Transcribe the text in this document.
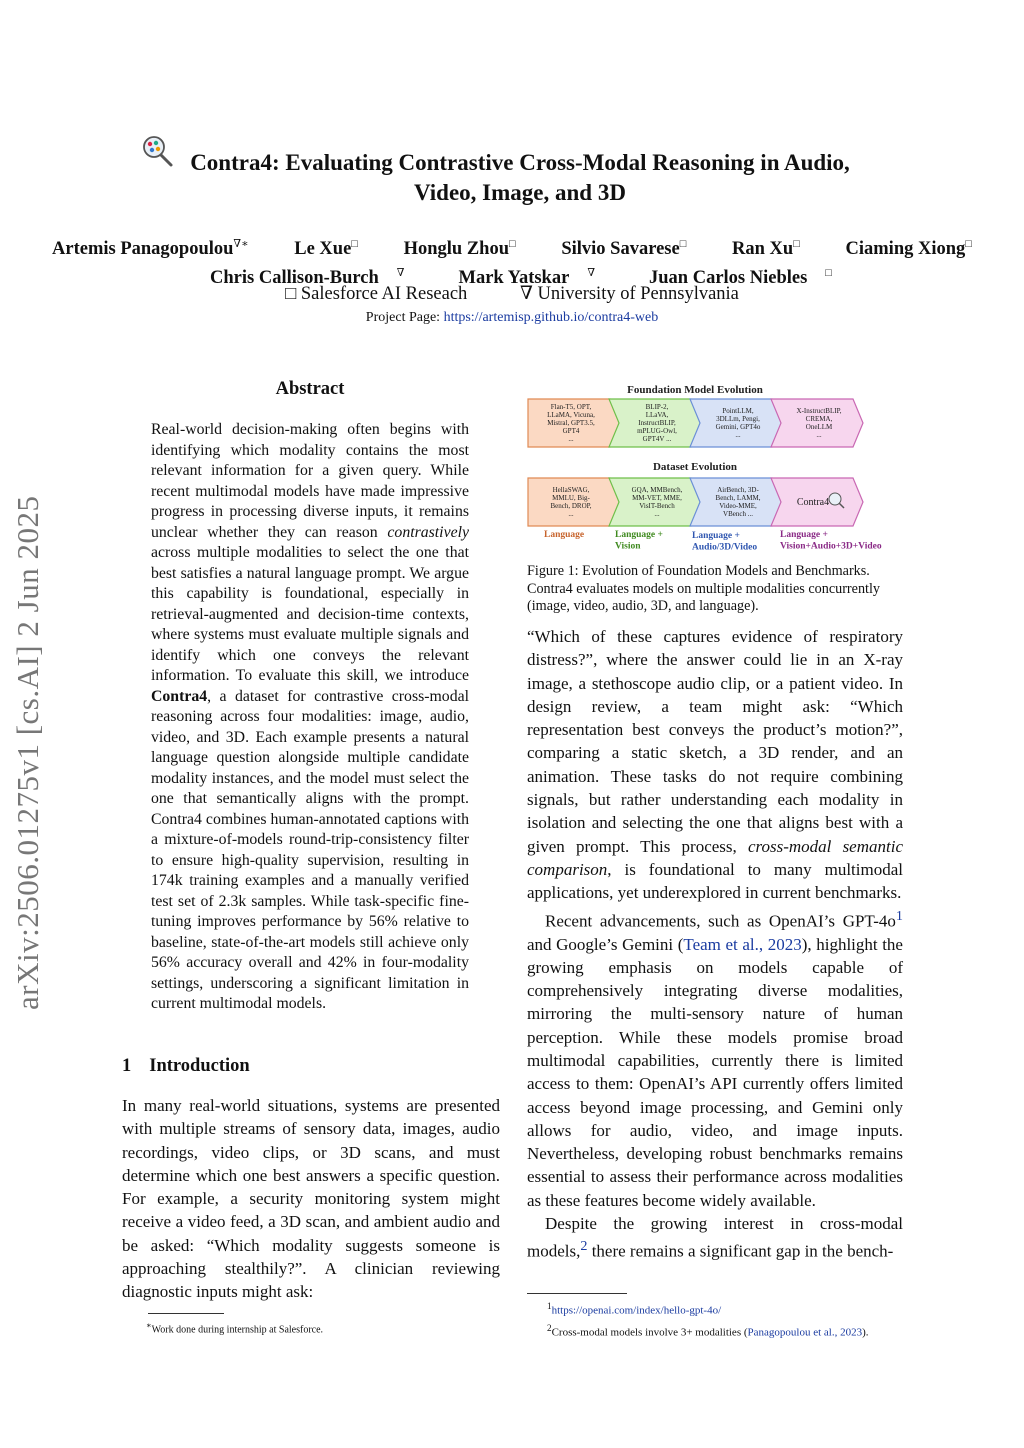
Contra4: Evaluating Contrastive Cross-Modal Reasoning in Audio,
Video, Image, and 3D
Artemis Panagopoulou∇∗ Le Xue□ Honglu Zhou□ Silvio Savarese□ Ran Xu□ Ciaming Xiong□
Chris Callison-Burch ∇	Mark Yatskar ∇	Juan Carlos Niebles □
□ Salesforce AI Reseach	∇ University of Pennsylvania
Project Page: https://artemisp.github.io/contra4-web
arXiv:2506.01275v1 [cs.AI] 2 Jun 2025
Abstract
Real-world decision-making often begins with identifying which modality contains the most relevant information for a given query. While recent multimodal models have made impressive progress in processing diverse inputs, it remains unclear whether they can reason contrastively across multiple modalities to select the one that best satisfies a natural language prompt. We argue this capability is foundational, especially in retrieval-augmented and decision-time contexts, where systems must evaluate multiple signals and identify which one conveys the relevant information. To evaluate this skill, we introduce Contra4, a dataset for contrastive cross-modal reasoning across four modalities: image, audio, video, and 3D. Each example presents a natural language question alongside multiple candidate modality instances, and the model must select the one that semantically aligns with the prompt. Contra4 combines human-annotated captions with a mixture-of-models round-trip-consistency filter to ensure high-quality supervision, resulting in 174k training examples and a manually verified test set of 2.3k samples. While task-specific fine-tuning improves performance by 56% relative to baseline, state-of-the-art models still achieve only 56% accuracy overall and 42% in four-modality settings, underscoring a significant limitation in current multimodal models.
1 Introduction
In many real-world situations, systems are presented with multiple streams of sensory data, images, audio recordings, video clips, or 3D scans, and must determine which one best answers a specific question. For example, a security monitoring system might receive a video feed, a 3D scan, and ambient audio and be asked: “Which modality suggests someone is approaching stealthily?”. A clinician reviewing diagnostic inputs might ask:

“Which of these captures evidence of respiratory distress?”, where the answer could lie in an X-ray image, a stethoscope audio clip, or a patient video. In design review, a team might ask: “Which representation best conveys the product’s motion?”, comparing a static sketch, a 3D render, and an animation. These tasks do not require combining signals, but rather understanding each modality in isolation and selecting the one that aligns best with a given prompt. This process, cross-modal semantic comparison, is foundational to many multimodal applications, yet underexplored in current benchmarks.

Recent advancements, such as OpenAI’s GPT-4o$^1$ and Google’s Gemini (Team et al., 2023), highlight the growing emphasis on models capable of comprehensively integrating diverse modalities, mirroring the multi-sensory nature of human perception. While these models promise broad multimodal capabilities, currently there is limited access to them: OpenAI’s API currently offers limited access beyond image processing, and Gemini only allows for audio, video, and image inputs. Nevertheless, developing robust benchmarks remains essential to assess their performance across modalities as these features become widely available.

Despite the growing interest in cross-modal models,$^2$ there remains a significant gap in the bench-

∗Work done during internship at Salesforce.
$^1$https://openai.com/index/hello-gpt-4o/
$^2$Cross-modal models involve 3+ modalities (Panagopoulou et al., 2023).
Foundation Model Evolution
Dataset Evolution
Flan-T5, OPT,
LLaMA, Vicuna,
Mistral, GPT3.5,
GPT4
...
BLIP-2,
LLaVA,
InstructBLIP,
mPLUG-Owl,
GPT4V ...
PointLLM,
3DLLm, Pengi,
Gemini, GPT4o
...
X-InstructBLIP,
CREMA,
OneLLM
...
HellaSWAG,
MMLU, Big-
Bench, DROP,
...
GQA, MMBench,
MM-VET, MME,
VisIT-Bench
...
AirBench, 3D-
Bench, LAMM,
Video-MME,
VBench ...
Contra4
Language	Language +
Vision
Language +
Audio/3D/Video
Language +
Vision+Audio+3D+Video
Figure 1: Evolution of Foundation Models and Benchmarks. Contra4 evaluates models on multiple modalities concurrently (image, video, audio, 3D, and language).
